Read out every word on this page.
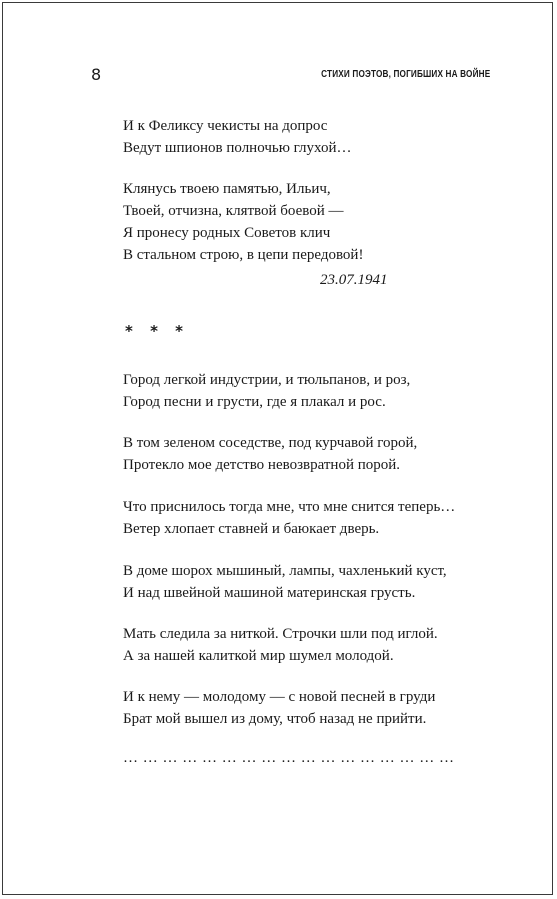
8	СТИХИ ПОЭТОВ, ПОГИБШИХ НА ВОЙНЕ
И к Феликсу чекисты на допрос
Ведут шпионов полночью глухой…
Клянусь твоею памятью, Ильич,
Твоей, отчизна, клятвой боевой —
Я пронесу родных Советов клич
В стальном строю, в цепи передовой!
23.07.1941
Город легкой индустрии, и тюльпанов, и роз,
Город песни и грусти, где я плакал и рос.
В том зеленом соседстве, под курчавой горой,
Протекло мое детство невозвратной порой.
Что приснилось тогда мне, что мне снится теперь…
Ветер хлопает ставней и баюкает дверь.
В доме шорох мышиный, лампы, чахленький куст,
И над швейной машиной материнская грусть.
Мать следила за ниткой. Строчки шли под иглой.
А за нашей калиткой мир шумел молодой.
И к нему — молодому — с новой песней в груди
Брат мой вышел из дому, чтоб назад не прийти.
* * *
… … … … … … … … … … … … … … … … …
